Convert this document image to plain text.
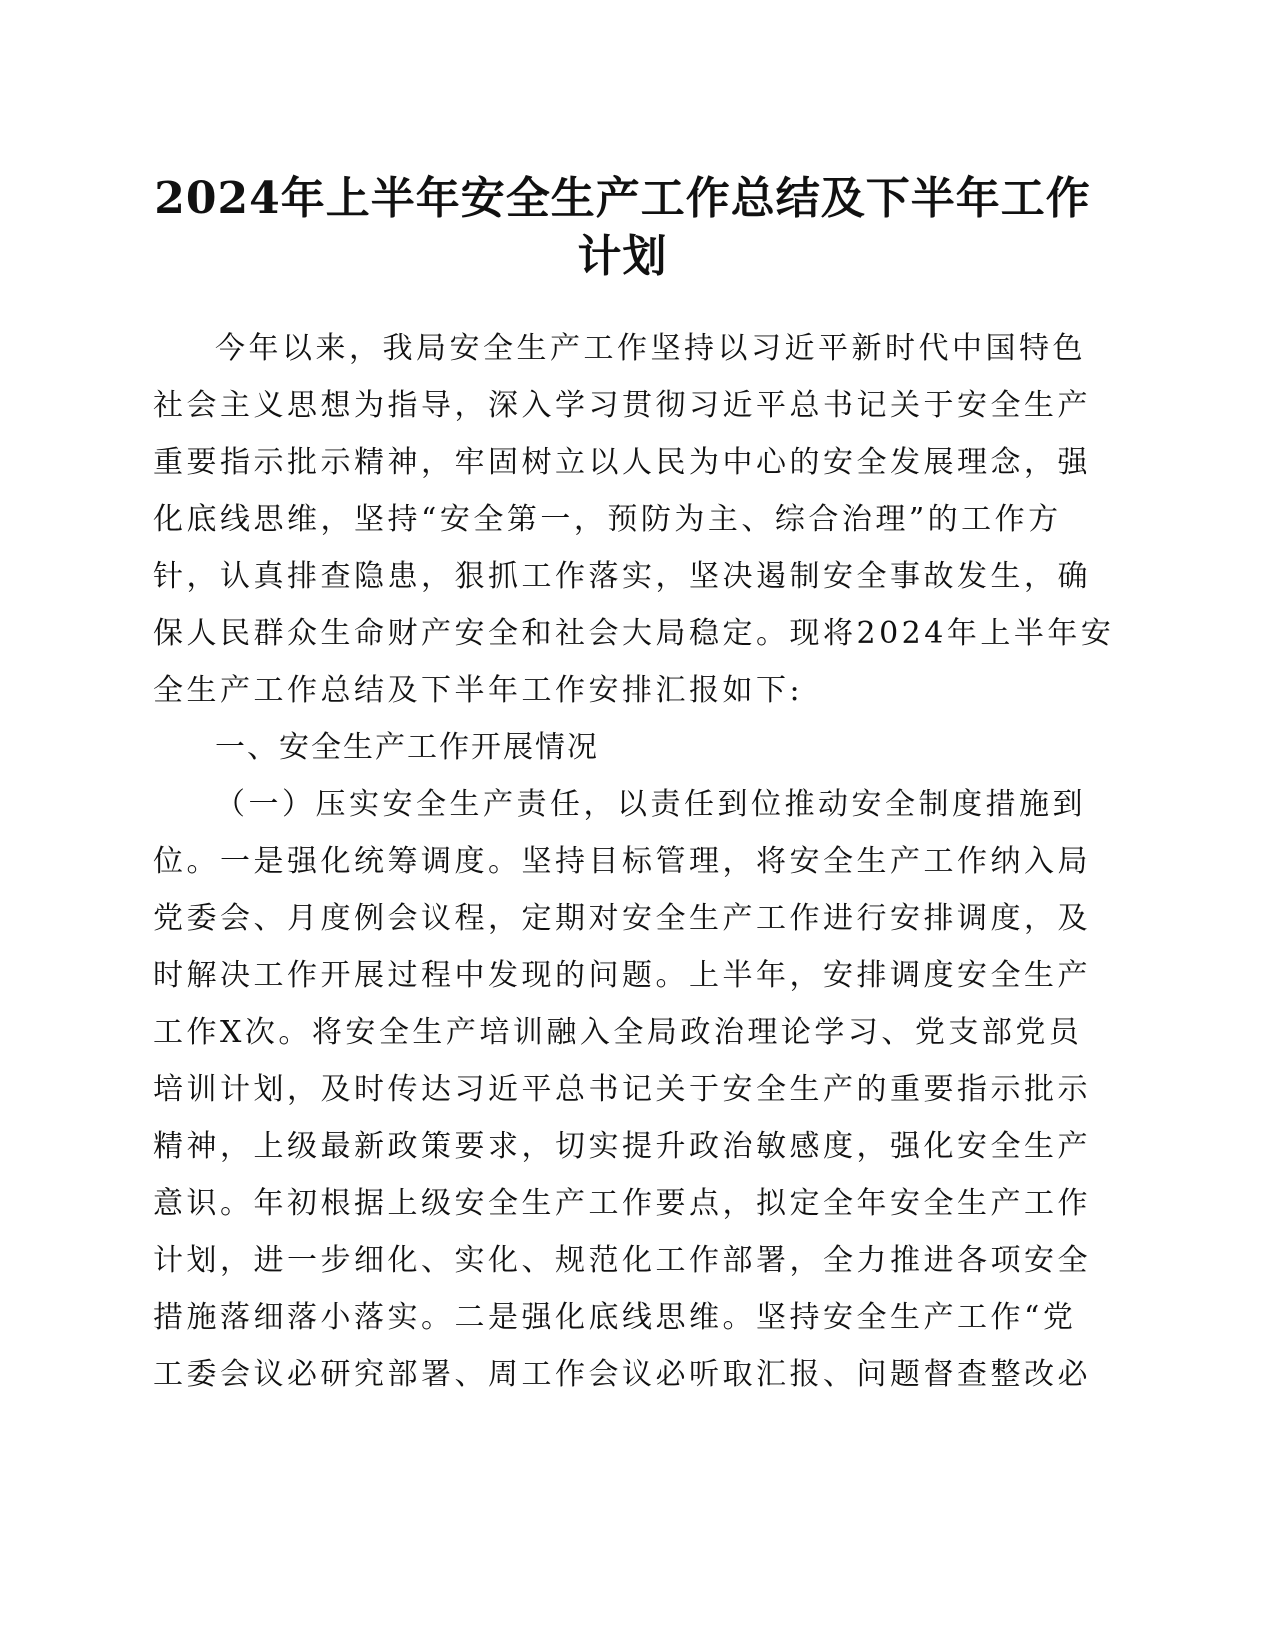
2024年上半年安全生产工作总结及下半年工作
计划
今年以来，我局安全生产工作坚持以习近平新时代中国特色
社会主义思想为指导，深入学习贯彻习近平总书记关于安全生产
重要指示批示精神，牢固树立以人民为中心的安全发展理念，强
化底线思维，坚持“安全第一，预防为主、综合治理”的工作方
针，认真排查隐患，狠抓工作落实，坚决遏制安全事故发生，确
保人民群众生命财产安全和社会大局稳定。现将2024年上半年安
全生产工作总结及下半年工作安排汇报如下:
一、安全生产工作开展情况
（一）压实安全生产责任，以责任到位推动安全制度措施到
位。一是强化统筹调度。坚持目标管理，将安全生产工作纳入局
党委会、月度例会议程，定期对安全生产工作进行安排调度，及
时解决工作开展过程中发现的问题。上半年，安排调度安全生产
工作X次。将安全生产培训融入全局政治理论学习、党支部党员
培训计划，及时传达习近平总书记关于安全生产的重要指示批示
精神，上级最新政策要求，切实提升政治敏感度，强化安全生产
意识。年初根据上级安全生产工作要点，拟定全年安全生产工作
计划，进一步细化、实化、规范化工作部署，全力推进各项安全
措施落细落小落实。二是强化底线思维。坚持安全生产工作“党
工委会议必研究部署、周工作会议必听取汇报、问题督查整改必
